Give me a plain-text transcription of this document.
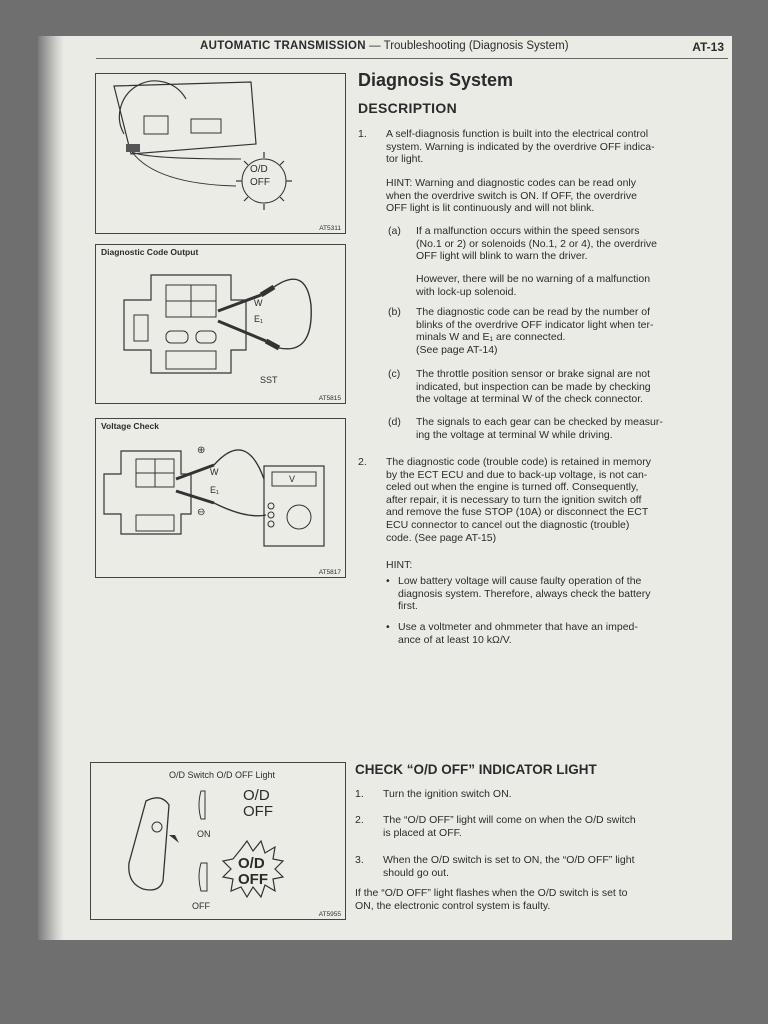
AUTOMATIC TRANSMISSION — Troubleshooting (Diagnosis System)	AT-13
O/D
OFF
AT5311
Diagnostic Code Output
W
E₁
SST
AT5815
Voltage Check
⊕
⊖
W
E₁
V
AT5817
O/D Switch O/D OFF Light
O/D
OFF
ON
O/D
OFF
OFF
AT5955
Diagnosis System
DESCRIPTION
1. A self-diagnosis function is built into the electrical control
system. Warning is indicated by the overdrive OFF indica-
tor light.
HINT: Warning and diagnostic codes can be read only
when the overdrive switch is ON. If OFF, the overdrive
OFF light is lit continuously and will not blink.
(a) If a malfunction occurs within the speed sensors
(No.1 or 2) or solenoids (No.1, 2 or 4), the overdrive
OFF light will blink to warn the driver.
However, there will be no warning of a malfunction
with lock-up solenoid.
(b) The diagnostic code can be read by the number of
blinks of the overdrive OFF indicator light when ter-
minals W and E₁ are connected.
(See page AT-14)
(c) The throttle position sensor or brake signal are not
indicated, but inspection can be made by checking
the voltage at terminal W of the check connector.
(d) The signals to each gear can be checked by measur-
ing the voltage at terminal W while driving.
2. The diagnostic code (trouble code) is retained in memory
by the ECT ECU and due to back-up voltage, is not can-
celed out when the engine is turned off. Consequently,
after repair, it is necessary to turn the ignition switch off
and remove the fuse STOP (10A) or disconnect the ECT
ECU connector to cancel out the diagnostic (trouble)
code. (See page AT-15)
HINT:
• Low battery voltage will cause faulty operation of the
diagnosis system. Therefore, always check the battery
first.
• Use a voltmeter and ohmmeter that have an imped-
ance of at least 10 kΩ/V.
CHECK “O/D OFF” INDICATOR LIGHT
1. Turn the ignition switch ON.
2. The “O/D OFF” light will come on when the O/D switch
is placed at OFF.
3. When the O/D switch is set to ON, the “O/D OFF” light
should go out.
If the “O/D OFF” light flashes when the O/D switch is set to
ON, the electronic control system is faulty.
